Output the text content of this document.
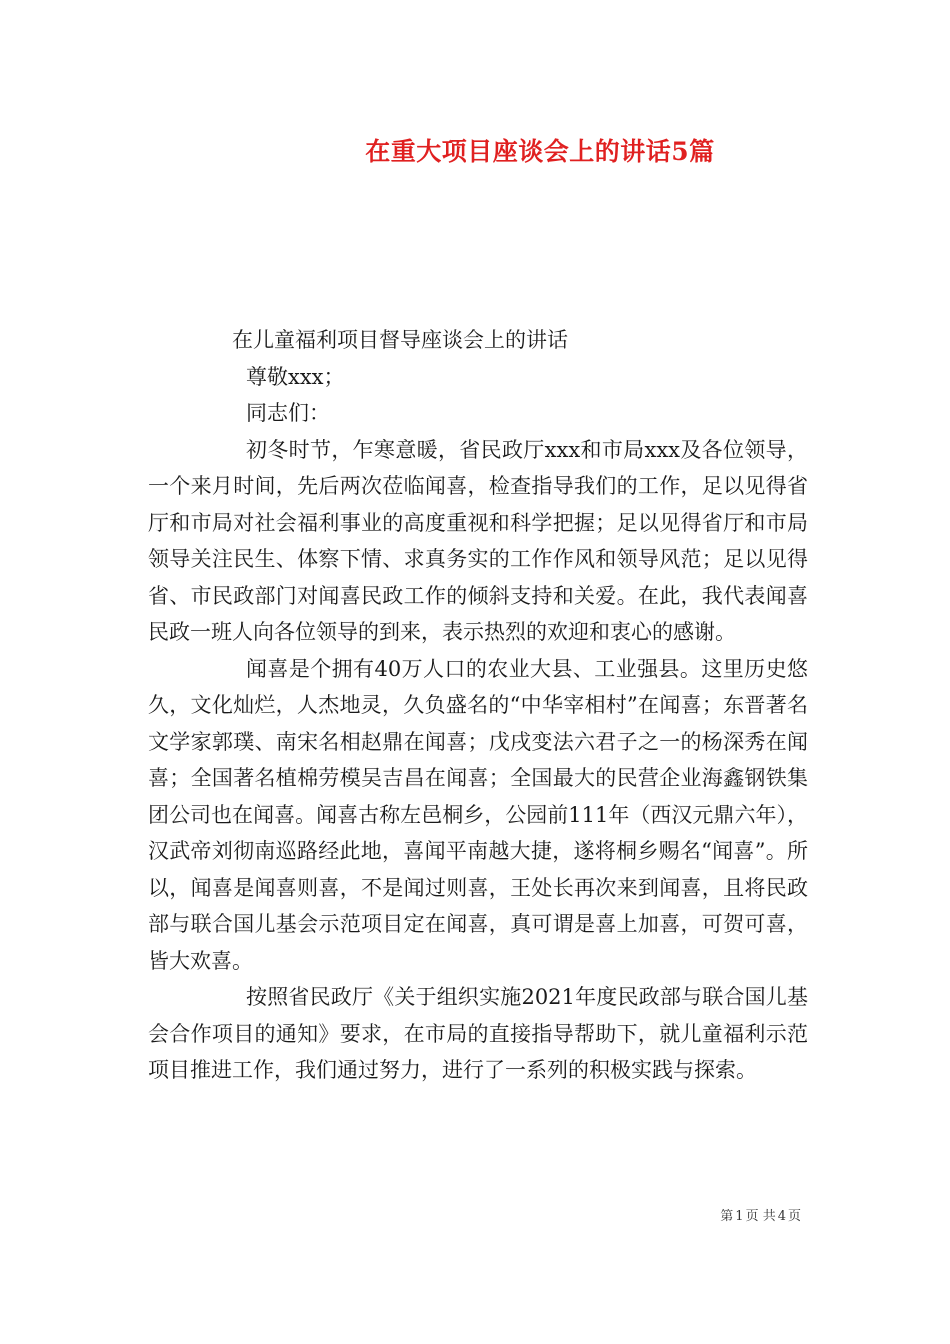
在重大项目座谈会上的讲话5篇

在儿童福利项目督导座谈会上的讲话

尊敬xxx；

同志们：

初冬时节，乍寒意暖，省民政厅xxx和市局xxx及各位领导，一个来月时间，先后两次莅临闻喜，检查指导我们的工作，足以见得省厅和市局对社会福利事业的高度重视和科学把握；足以见得省厅和市局领导关注民生、体察下情、求真务实的工作作风和领导风范；足以见得省、市民政部门对闻喜民政工作的倾斜支持和关爱。在此，我代表闻喜民政一班人向各位领导的到来，表示热烈的欢迎和衷心的感谢。

闻喜是个拥有40万人口的农业大县、工业强县。这里历史悠久，文化灿烂，人杰地灵，久负盛名的“中华宰相村”在闻喜；东晋著名文学家郭璞、南宋名相赵鼎在闻喜；戊戌变法六君子之一的杨深秀在闻喜；全国著名植棉劳模吴吉昌在闻喜；全国最大的民营企业海鑫钢铁集团公司也在闻喜。闻喜古称左邑桐乡，公园前111年（西汉元鼎六年），汉武帝刘彻南巡路经此地，喜闻平南越大捷，遂将桐乡赐名“闻喜”。所以，闻喜是闻喜则喜，不是闻过则喜，王处长再次来到闻喜，且将民政部与联合国儿基会示范项目定在闻喜，真可谓是喜上加喜，可贺可喜，皆大欢喜。

按照省民政厅《关于组织实施2021年度民政部与联合国儿基会合作项目的通知》要求，在市局的直接指导帮助下，就儿童福利示范项目推进工作，我们通过努力，进行了一系列的积极实践与探索。

第 1 页 共 4 页
